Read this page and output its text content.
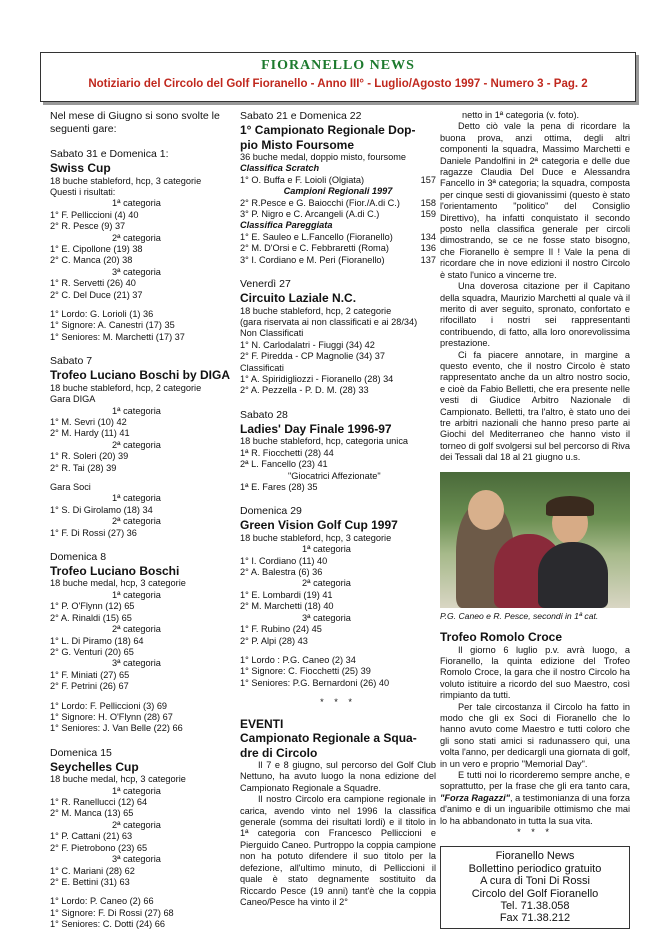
FIORANELLO NEWS
Notiziario del Circolo del Golf Fioranello - Anno III° - Luglio/Agosto 1997 - Numero 3 - Pag. 2
Nel mese di Giugno si sono svolte le
seguenti gare:
Sabato 31 e Domenica 1:
Swiss Cup
18 buche stableford, hcp, 3 categorie
Questi i risultati:
1ª categoria
1° F. Pelliccioni (4) 40
2° R. Pesce (9) 37
2ª categoria
1° E. Cipollone (19) 38
2° C. Manca (20) 38
3ª categoria
1° R. Servetti (26) 40
2° C. Del Duce (21) 37
1° Lordo: G. Lorioli (1) 36
1° Signore: A. Canestri (17) 35
1° Seniores: M. Marchetti (17) 37
Sabato 7
Trofeo Luciano Boschi by DIGA
18 buche stableford, hcp, 2 categorie
Gara DIGA
1ª categoria
1° M. Sevri (10) 42
2° M. Hardy (11) 41
2ª categoria
1° R. Soleri (20) 39
2° R. Tai (28) 39
Gara Soci
1ª categoria
1° S. Di Girolamo (18) 34
2ª categoria
1° F. Di Rossi (27) 36
Domenica 8
Trofeo Luciano Boschi
18 buche medal, hcp, 3 categorie
1ª categoria
1° P. O'Flynn (12) 65
2° A. Rinaldi (15) 65
2ª categoria
1° L. Di Piramo (18) 64
2° G. Venturi (20) 65
3ª categoria
1° F. Miniati (27) 65
2° F. Petrini (26) 67
1° Lordo: F. Pelliccioni (3) 69
1° Signore: H. O'Flynn (28) 67
1° Seniores: J. Van Belle (22) 66
Domenica 15
Seychelles Cup
18 buche medal, hcp, 3 categorie
1ª categoria
1° R. Ranellucci (12) 64
2° M. Manca (13) 65
2ª categoria
1° P. Cattani (21) 63
2° F. Pietrobono (23) 65
3ª categoria
1° C. Mariani (28) 62
2° E. Bettini (31) 63
1° Lordo: P. Caneo (2) 66
1° Signore: F. Di Rossi (27) 68
1° Seniores: C. Dotti (24) 66
Sabato 21 e Domenica 22
1° Campionato Regionale Dop-
pio Misto Foursome
36 buche medal, doppio misto, foursome
Classifica Scratch
1° O. Buffa e F. Loioli (Olgiata)	157
Campioni Regionali 1997
2° R.Pesce e G. Baiocchi (Fior./A.di C.) 158
3° P. Nigro e C. Arcangeli (A.di C.)	159
Classifica Pareggiata
1° E. Sauleo e L.Fancello (Fioranello)	134
2° M. D'Orsi e C. Febbraretti (Roma)	136
3° I. Cordiano e M. Peri (Fioranello)	137
Venerdì 27
Circuito Laziale N.C.
18 buche stableford, hcp, 2 categorie
(gara riservata ai non classificati e ai 28/34)
Non Classificati
1° N. Carlodalatri - Fiuggi (34) 42
2° F. Piredda - CP Magnolie (34) 37
Classificati
1° A. Spiridigliozzi - Fioranello (28) 34
2° A. Pezzella - P. D. M. (28) 33
Sabato 28
Ladies' Day Finale 1996-97
18 buche stableford, hcp, categoria unica
1ª R. Fiocchetti (28) 44
2ª L. Fancello (23) 41
"Giocatrici Affezionate"
1ª E. Fares (28) 35
Domenica 29
Green Vision Golf Cup 1997
18 buche stableford, hcp, 3 categorie
1ª categoria
1° I. Cordiano (11) 40
2° A. Balestra (6) 36
2ª categoria
1° E. Lombardi (19) 41
2° M. Marchetti (18) 40
3ª categoria
1° F. Rubino (24) 45
2° P. Alpi (28) 43
1° Lordo : P.G. Caneo (2) 34
1° Signore: C. Fiocchetti (25) 39
1° Seniores: P.G. Bernardoni (26) 40
* * *
EVENTI
Campionato Regionale a Squa-
dre di Circolo
Il 7 e 8 giugno, sul percorso del Golf Club Nettuno, ha avuto luogo la nona edizione del Campionato Regionale a Squadre.
Il nostro Circolo era campione regionale in carica, avendo vinto nel 1996 la classifica generale (somma dei risultati lordi) e il titolo in 1ª categoria con Francesco Pelliccioni e Pierguido Caneo. Purtroppo la coppia campione non ha potuto difendere il suo titolo per la defezione, all'ultimo minuto, di Pelliccioni il quale è stato degnamente sostituito da Riccardo Pesce (19 anni) tant'è che la coppia Caneo/Pesce ha vinto il 2°
netto in 1ª categoria (v. foto).
Detto ciò vale la pena di ricordare la buona prova, anzi ottima, degli altri componenti la squadra, Massimo Marchetti e Daniele Pandolfini in 2ª categoria e delle due ragazze Claudia Del Duce e Alessandra Fancello in 3ª categoria; la squadra, composta per cinque sesti di giovanissimi (questo è stato l'orientamento "politico" del Consiglio Direttivo), ha infatti conquistato il secondo posto nella classifica generale per circoli dimostrando, se ce ne fosse stato bisogno, che Fioranello è sempre Il ! Vale la pena di ricordare che in nove edizioni il nostro Circolo è stato l'unico a vincerne tre.
Una doverosa citazione per il Capitano della squadra, Maurizio Marchetti al quale và il merito di aver seguito, spronato, confortato e rifocillato i nostri sei rappresentanti contribuendo, di fatto, alla loro onorevolissima prestazione.
Ci fa piacere annotare, in margine a questo evento, che il nostro Circolo è stato rappresentato anche da un altro nostro socio, e cioè da Fabio Belletti, che era presente nelle vesti di Giudice Arbitro Nazionale di Campionato. Belletti, tra l'altro, è stato uno dei tre arbitri nazionali che hanno preso parte ai Giochi del Mediterraneo che hanno visto il torneo di golf svolgersi sul bel percorso di Riva dei Tessali dal 18 al 21 giugno u.s.
P.G. Caneo e R. Pesce, secondi in 1ª cat.
Trofeo Romolo Croce
Il giorno 6 luglio p.v. avrà luogo, a Fioranello, la quinta edizione del Trofeo Romolo Croce, la gara che il nostro Circolo ha voluto istituire a ricordo del suo Maestro, così rimpianto da tutti.
Per tale circostanza il Circolo ha fatto in modo che gli ex Soci di Fioranello che lo hanno avuto come Maestro e tutti coloro che gli sono stati amici si radunassero qui, una volta l'anno, per dedicargli una giornata di golf, in un vero e proprio "Memorial Day".
E tutti noi lo ricorderemo sempre anche, e soprattutto, per la frase che gli era tanto cara, "Forza Ragazzi", a testimonianza di una forza d'animo e di un inguaribile ottimismo che mai lo ha abbandonato in tutta la sua vita.
* * *
Fioranello News
Bollettino periodico gratuito
A cura di Toni Di Rossi
Circolo del Golf Fioranello
Tel. 71.38.058
Fax 71.38.212
